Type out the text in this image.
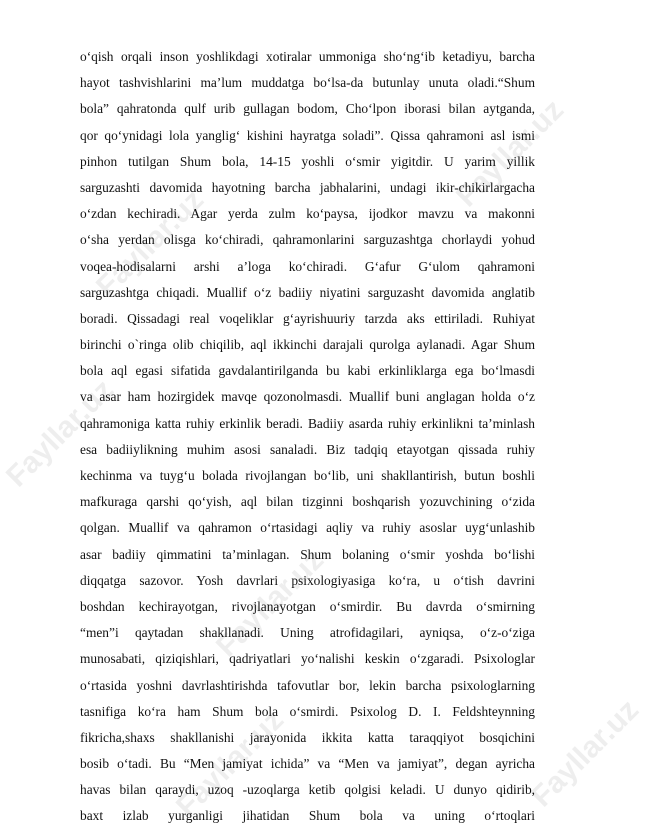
Fayllar.uz
Fayllar.uz
Fayllar.uz
Fayllar.uz
Fayllar.uz	Fayllar.uz
oʻqish orqali inson yoshlikdagi xotiralar ummoniga shoʻngʻib ketadiyu, barcha
hayot tashvishlarini maʼlum muddatga boʻlsa-da butunlay unuta oladi.“Shum
bola” qahratonda qulf urib gullagan bodom, Choʻlpon iborasi bilan aytganda,
qor qoʻynidagi lola yanglig‘ kishini hayratga soladi”. Qissa qahramoni asl ismi
pinhon tutilgan Shum bola, 14-15 yoshli oʻsmir yigitdir. U yarim yillik
sarguzashti davomida hayotning barcha jabhalarini, undagi ikir-chikirlargacha
oʻzdan kechiradi. Agar yerda zulm koʻpaysa, ijodkor mavzu va makonni
oʻsha yerdan olisga koʻchiradi, qahramonlarini sarguzashtga chorlaydi yohud
voqea-hodisalarni arshi aʼloga koʻchiradi. Gʻafur Gʻulom qahramoni
sarguzashtga chiqadi. Muallif oʻz badiiy niyatini sarguzasht davomida anglatib
boradi. Qissadagi real voqeliklar gʻayrishuuriy tarzda aks ettiriladi. Ruhiyat
birinchi o`ringa olib chiqilib, aql ikkinchi darajali qurolga aylanadi. Agar Shum
bola aql egasi sifatida gavdalantirilganda bu kabi erkinliklarga ega boʻlmasdi
va asar ham hozirgidek mavqe qozonolmasdi. Muallif buni anglagan holda oʻz
qahramoniga katta ruhiy erkinlik beradi. Badiiy asarda ruhiy erkinlikni taʼminlash
esa badiiylikning muhim asosi sanaladi. Biz tadqiq etayotgan qissada ruhiy
kechinma va tuygʻu bolada rivojlangan boʻlib, uni shakllantirish, butun boshli
mafkuraga qarshi qoʻyish, aql bilan tizginni boshqarish yozuvchining oʻzida
qolgan. Muallif va qahramon oʻrtasidagi aqliy va ruhiy asoslar uygʻunlashib
asar badiiy qimmatini taʼminlagan. Shum bolaning oʻsmir yoshda boʻlishi
diqqatga sazovor. Yosh davrlari psixologiyasiga koʻra, u oʻtish davrini
boshdan kechirayotgan, rivojlanayotgan oʻsmirdir. Bu davrda oʻsmirning
“men”i qaytadan shakllanadi. Uning atrofidagilari, ayniqsa, oʻz-oʻziga
munosabati, qiziqishlari, qadriyatlari yoʻnalishi keskin oʻzgaradi. Psixologlar
oʻrtasida yoshni davrlashtirishda tafovutlar bor, lekin barcha psixologlarning
tasnifiga koʻra ham Shum bola oʻsmirdi. Psixolog D. I. Feldshteynning
fikricha,shaxs shakllanishi jarayonida ikkita katta taraqqiyot bosqichini
bosib oʻtadi. Bu “Men jamiyat ichida” va “Men va jamiyat”, degan ayricha
havas bilan qaraydi, uzoq -uzoqlarga ketib qolgisi keladi. U dunyo qidirib,
baxt izlab yurganligi jihatidan Shum bola va uning oʻrtoqlari
